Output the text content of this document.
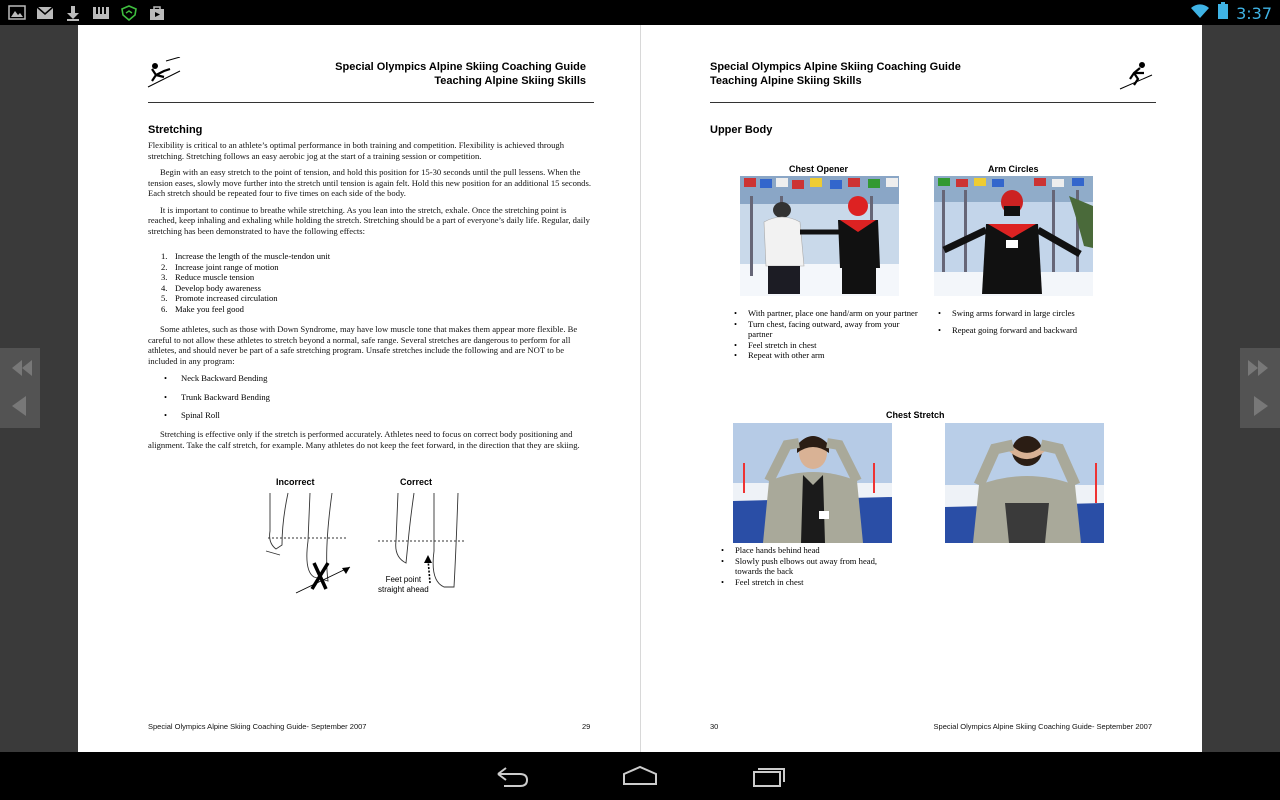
3:37
Special Olympics Alpine Skiing Coaching Guide
Teaching Alpine Skiing Skills
Stretching

Flexibility is critical to an athlete’s optimal performance in both training and competition. Flexibility is achieved through stretching. Stretching follows an easy aerobic jog at the start of a training session or competition.

Begin with an easy stretch to the point of tension, and hold this position for 15-30 seconds until the pull lessens. When the tension eases, slowly move further into the stretch until tension is again felt. Hold this new position for an additional 15 seconds. Each stretch should be repeated four to five times on each side of the body.

It is important to continue to breathe while stretching. As you lean into the stretch, exhale. Once the stretching point is reached, keep inhaling and exhaling while holding the stretch. Stretching should be a part of everyone’s daily life. Regular, daily stretching has been demonstrated to have the following effects:

1. Increase the length of the muscle-tendon unit
2. Increase joint range of motion
3. Reduce muscle tension
4. Develop body awareness
5. Promote increased circulation
6. Make you feel good

Some athletes, such as those with Down Syndrome, may have low muscle tone that makes them appear more flexible. Be careful to not allow these athletes to stretch beyond a normal, safe range. Several stretches are dangerous to perform for all athletes, and should never be part of a safe stretching program. Unsafe stretches include the following and are NOT to be included in any program:

•	Neck Backward Bending
•	Trunk Backward Bending
•	Spinal Roll

Stretching is effective only if the stretch is performed accurately. Athletes need to focus on correct body positioning and alignment. Take the calf stretch, for example. Many athletes do not keep the feet forward, in the direction that they are skiing.

Incorrect	Correct
Feet point
straight ahead
Special Olympics Alpine Skiing Coaching Guide- September 2007	29
Special Olympics Alpine Skiing Coaching Guide
Teaching Alpine Skiing Skills
Upper Body
Chest Opener
•	With partner, place one hand/arm on your partner
•	Turn chest, facing outward, away from your partner
•	Feel stretch in chest
•	Repeat with other arm
Arm Circles
•	Swing arms forward in large circles
•	Repeat going forward and backward
Chest Stretch
•	Place hands behind head
•	Slowly push elbows out away from head, towards the back
•	Feel stretch in chest
30	Special Olympics Alpine Skiing Coaching Guide- September 2007
